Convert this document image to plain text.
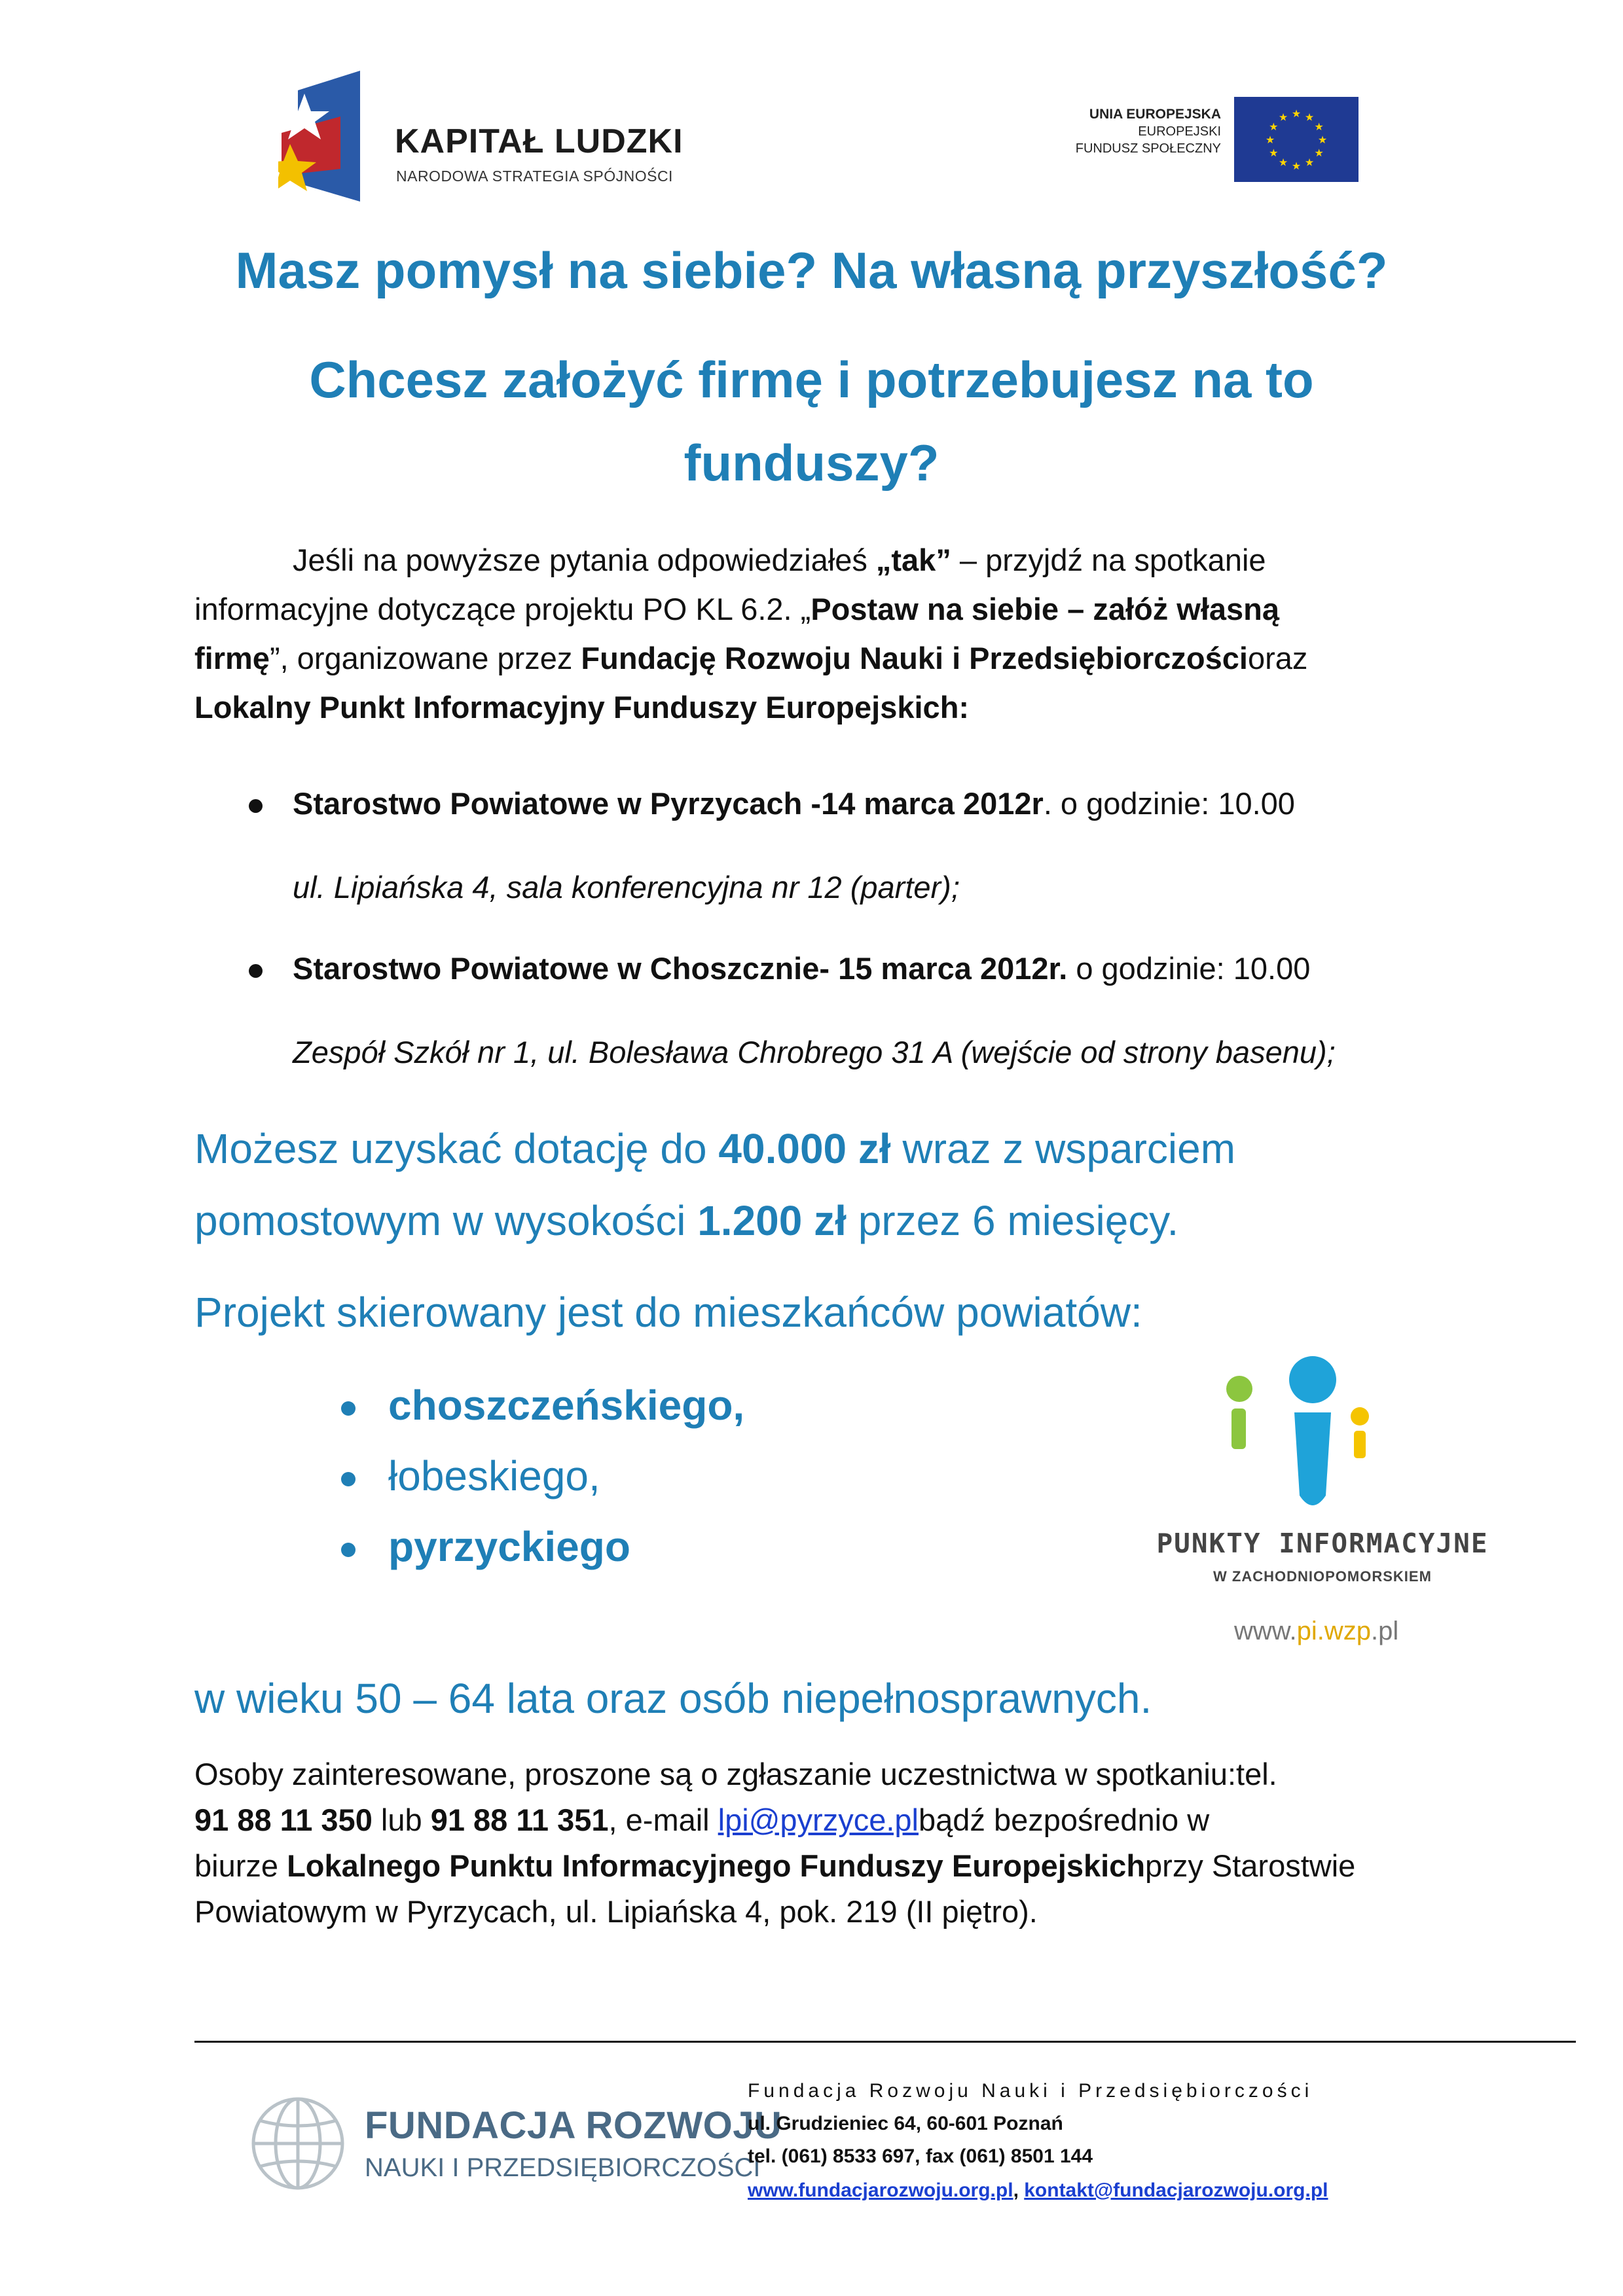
KAPITAŁ LUDZKI
NARODOWA STRATEGIA SPÓJNOŚCI
UNIA EUROPEJSKA
EUROPEJSKI
FUNDUSZ SPOŁECZNY
★ ★
★
★
★
★
★
★
★
★
★
★
Masz pomysł na siebie? Na własną przyszłość?
Chcesz założyć firmę i potrzebujesz na to
funduszy?
Jeśli na powyższe pytania odpowiedziałeś „tak” – przyjdź na spotkanie
informacyjne dotyczące projektu PO KL 6.2. „Postaw na siebie – załóż własną
firmę”, organizowane przez Fundację Rozwoju Nauki i Przedsiębiorczościoraz
Lokalny Punkt Informacyjny Funduszy Europejskich:
Starostwo Powiatowe w Pyrzycach -14 marca 2012r. o godzinie: 10.00
ul. Lipiańska 4, sala konferencyjna nr 12 (parter);
Starostwo Powiatowe w Choszcznie- 15 marca 2012r. o godzinie: 10.00
Zespół Szkół nr 1, ul. Bolesława Chrobrego 31 A (wejście od strony basenu);
Możesz uzyskać dotację do 40.000 zł wraz z wsparciem
pomostowym w wysokości 1.200 zł przez 6 miesięcy.
Projekt skierowany jest do mieszkańców powiatów:
choszczeńskiego,
łobeskiego,
pyrzyckiego	PUNKTY INFORMACYJNE
W ZACHODNIOPOMORSKIEM
www.pi.wzp.pl
w wieku 50 – 64 lata oraz osób niepełnosprawnych.
Osoby zainteresowane, proszone są o zgłaszanie uczestnictwa w spotkaniu:tel.
91 88 11 350 lub 91 88 11 351, e-mail lpi@pyrzyce.plbądź bezpośrednio w
biurze Lokalnego Punktu Informacyjnego Funduszy Europejskichprzy Starostwie
Powiatowym w Pyrzycach, ul. Lipiańska 4, pok. 219 (II piętro).
FUNDACJA ROZWOJU
NAUKI I PRZEDSIĘBIORCZOŚCI
Fundacja Rozwoju Nauki i Przedsiębiorczości
ul. Grudzieniec 64, 60-601 Poznań
tel. (061) 8533 697, fax (061) 8501 144
www.fundacjarozwoju.org.pl, kontakt@fundacjarozwoju.org.pl
